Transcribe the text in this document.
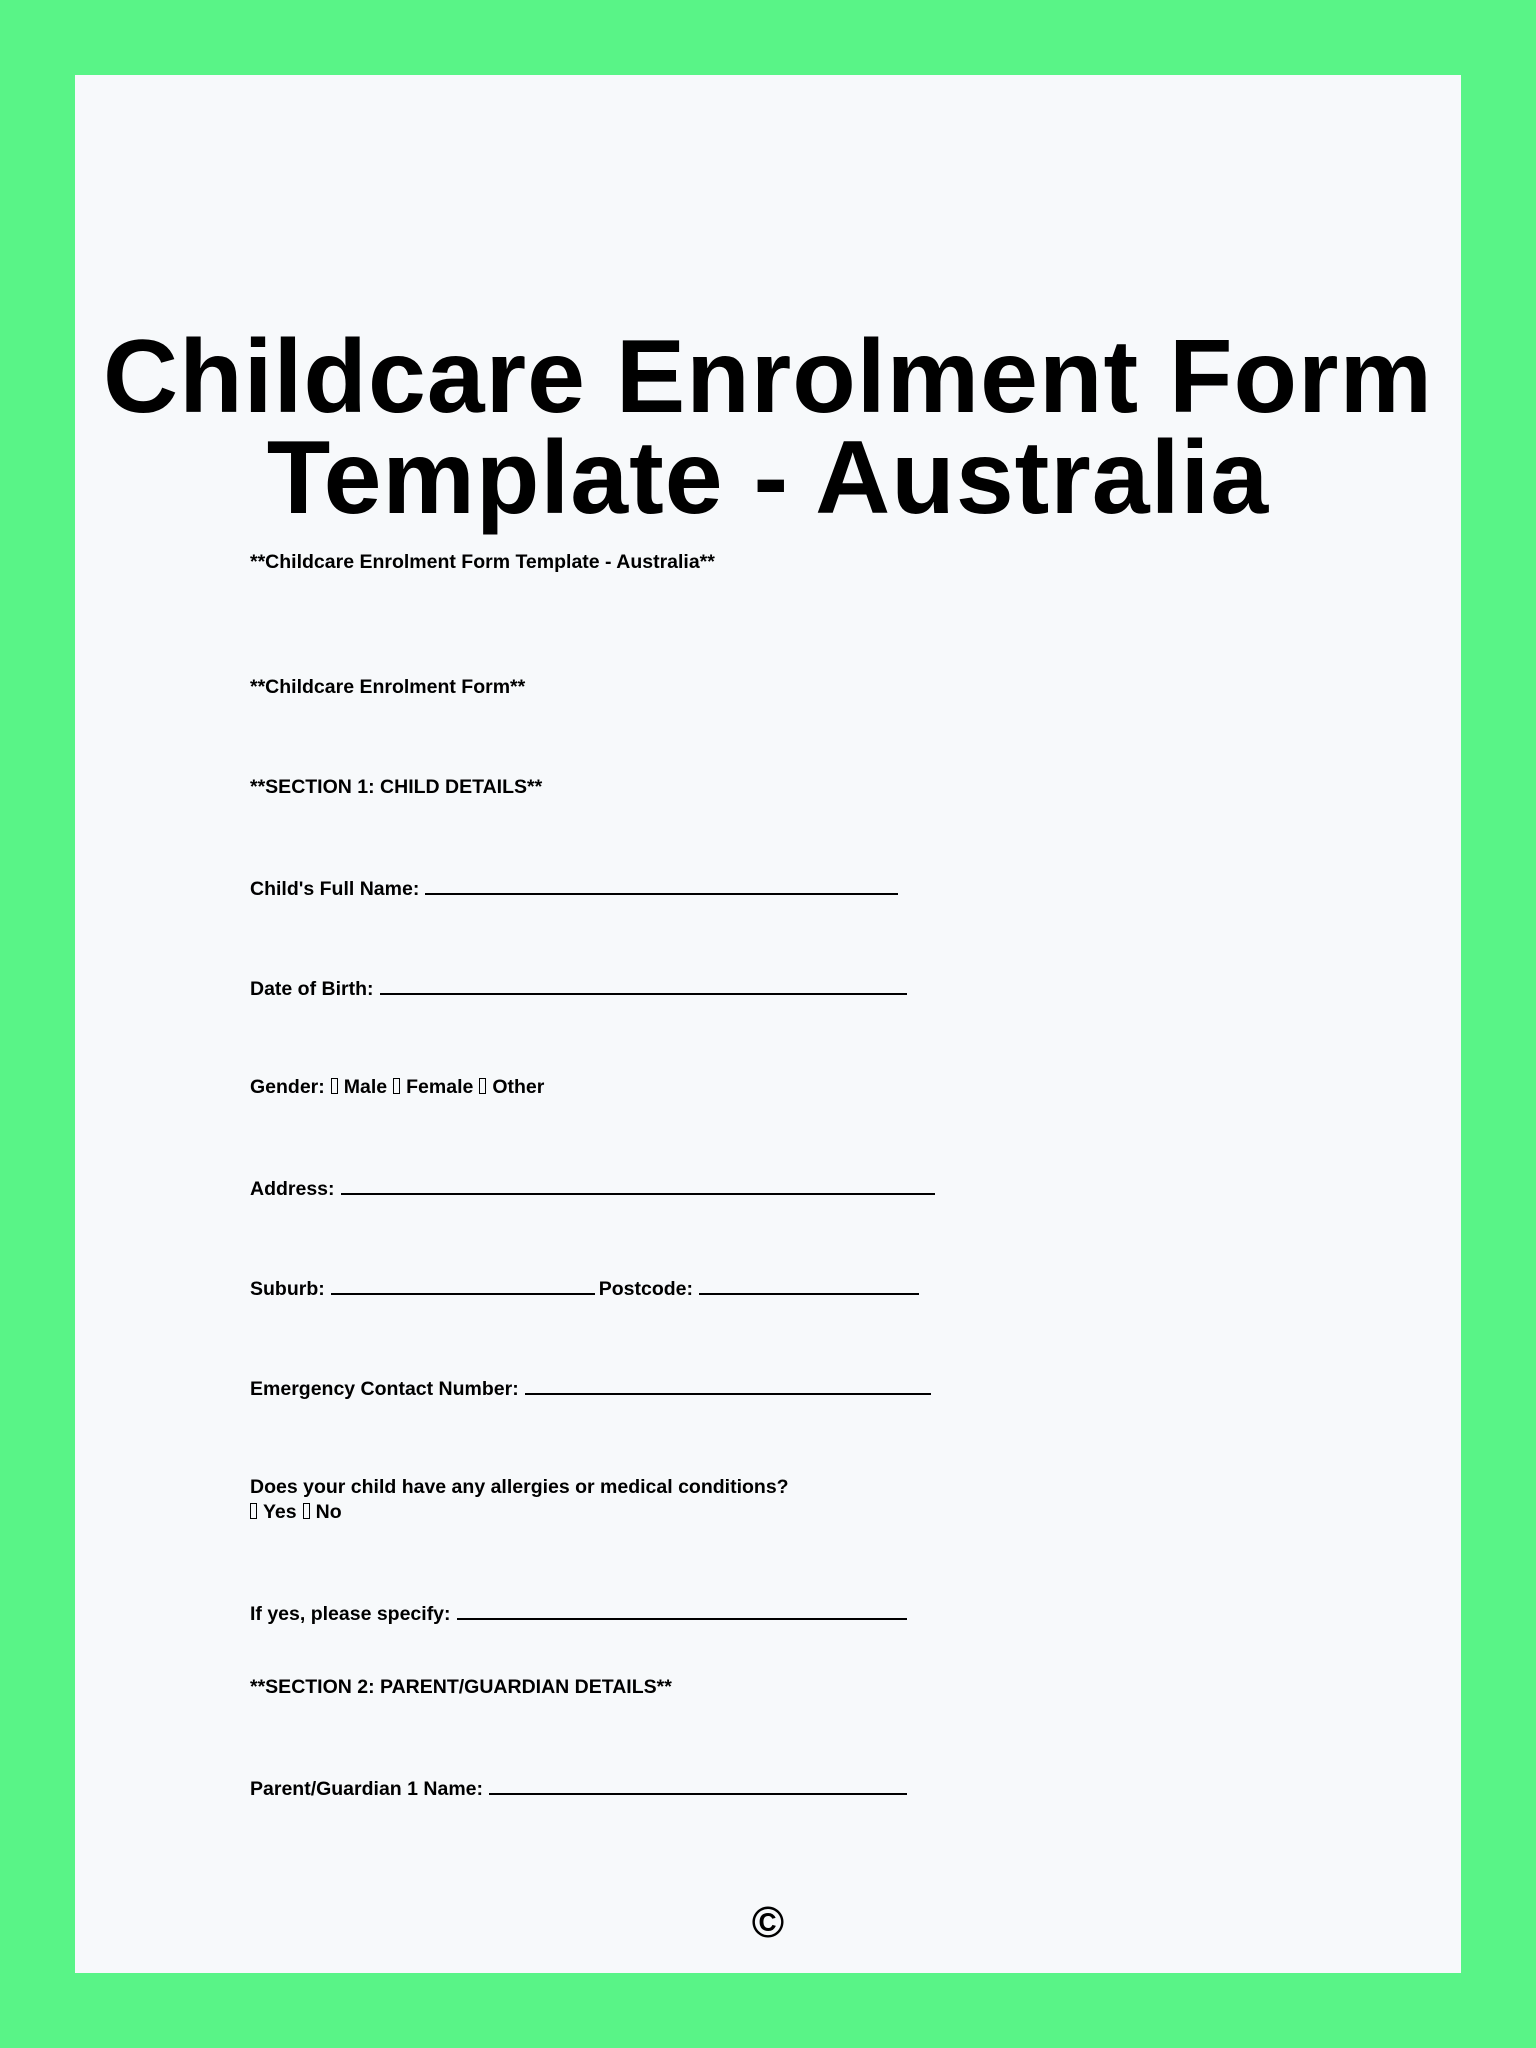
Childcare Enrolment Form
Template - Australia

**Childcare Enrolment Form Template - Australia**

**Childcare Enrolment Form**

**SECTION 1: CHILD DETAILS**

Child's Full Name:

Date of Birth:

Gender: Male Female Other

Address:

Suburb:	Postcode:

Emergency Contact Number:

Does your child have any allergies or medical conditions?

Yes No

If yes, please specify:

**SECTION 2: PARENT/GUARDIAN DETAILS**

Parent/Guardian 1 Name:

©
